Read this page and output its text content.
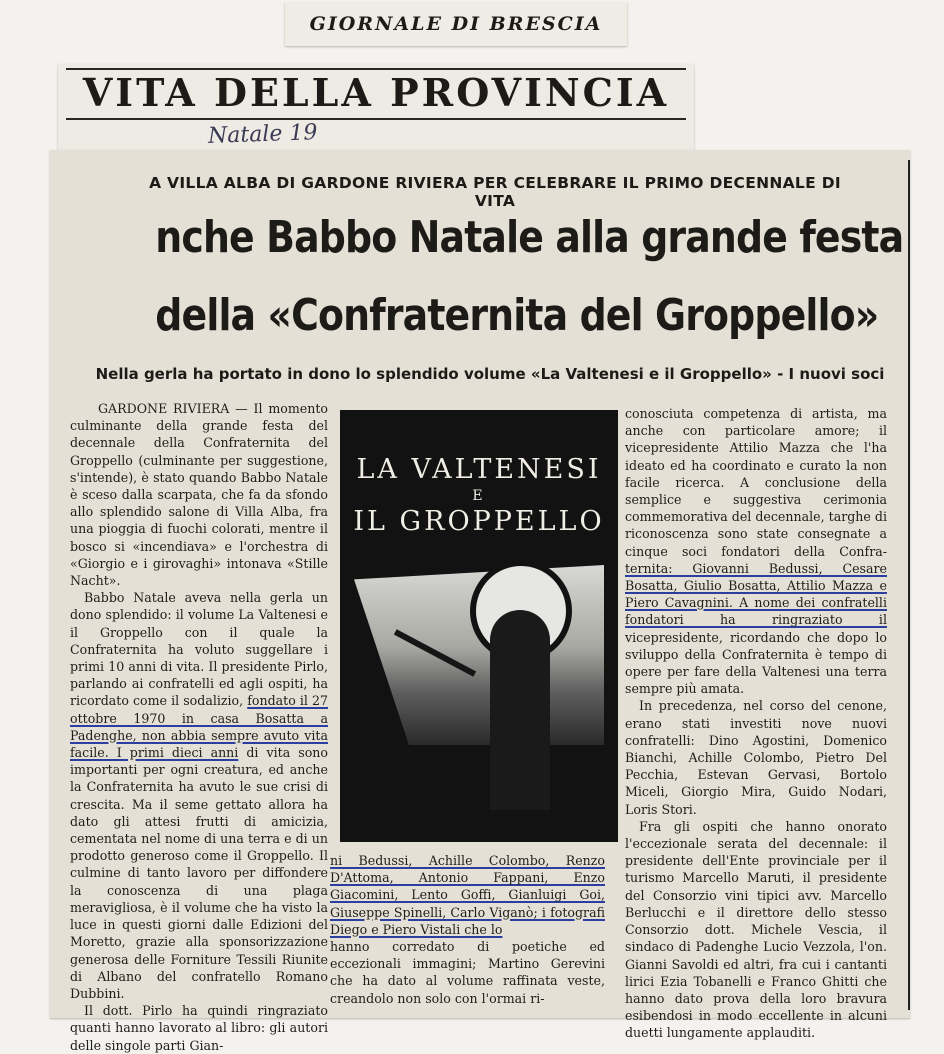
GIORNALE DI BRESCIA
VITA DELLA PROVINCIA
Natale 19
A VILLA ALBA DI GARDONE RIVIERA PER CELEBRARE IL PRIMO DECENNALE DI VITA
nche Babbo Natale alla grande festa
della «Confraternita del Groppello»
Nella gerla ha portato in dono lo splendido volume «La Valtenesi e il Groppello» - I nuovi soci

GARDONE RIVIERA — Il momento culminante della grande festa del decennale della Confraternita del Groppello (culminante per suggestione, s'intende), è stato quando Babbo Natale è sceso dalla scarpata, che fa da sfondo allo splendido salone di Villa Alba, fra una pioggia di fuochi colorati, mentre il bosco si «incendiava» e l'orchestra di «Giorgio e i girovaghi» intonava «Stille Nacht».

Babbo Natale aveva nella gerla un dono splendido: il volume La Valtenesi e il Groppello con il quale la Confraternita ha voluto suggellare i primi 10 anni di vita. Il presidente Pirlo, parlando ai confratelli ed agli ospiti, ha ricordato come il sodalizio, fondato il 27 ottobre 1970 in casa Bosatta a Padenghe, non abbia sempre avuto vita facile. I primi dieci anni di vita sono importanti per ogni creatura, ed anche la Confraternita ha avuto le sue crisi di crescita. Ma il seme gettato allora ha dato gli attesi frutti di amicizia, cementata nel nome di una terra e di un prodotto generoso come il Groppello. Il culmine di tanto lavoro per diffondere la conoscenza di una plaga meravigliosa, è il volume che ha visto la luce in questi giorni dalle Edizioni del Moretto, grazie alla sponsorizzazione generosa delle Forniture Tessili Riunite di Albano del confratello Romano Dubbini.

Il dott. Pirlo ha quindi ringraziato quanti hanno lavorato al libro: gli autori delle singole parti Gian-

LA VALTENESI
E
IL GROPPELLO

ni Bedussi, Achille Colombo, Renzo D'Attoma, Antonio Fappani, Enzo Giacomini, Lento Goffi, Gianluigi Goi, Giuseppe Spinelli, Carlo Viganò; i fotografi Diego e Piero Vistali che lo

hanno corredato di poetiche ed eccezionali immagini; Martino Gerevini che ha dato al volume raffinata veste, creandolo non solo con l'ormai ri-

conosciuta competenza di artista, ma anche con particolare amore; il vicepresidente Attilio Mazza che l'ha ideato ed ha coordinato e curato la non facile ricerca. A conclusione della semplice e suggestiva cerimonia commemorativa del decennale, targhe di riconoscenza sono state consegnate a cinque soci fondatori della Confra-ternita: Giovanni Bedussi, Cesare Bosatta, Giulio Bosatta, Attilio Mazza e Piero Cavagnini. A nome dei confratelli fondatori ha ringraziato il vicepresidente, ricordando che dopo lo sviluppo della Confraternita è tempo di opere per fare della Valtenesi una terra sempre più amata.

In precedenza, nel corso del cenone, erano stati investiti nove nuovi confratelli: Dino Agostini, Domenico Bianchi, Achille Colombo, Pietro Del Pecchia, Estevan Gervasi, Bortolo Miceli, Giorgio Mira, Guido Nodari, Loris Stori.

Fra gli ospiti che hanno onorato l'eccezionale serata del decennale: il presidente dell'Ente provinciale per il turismo Marcello Maruti, il presidente del Consorzio vini tipici avv. Marcello Berlucchi e il direttore dello stesso Consorzio dott. Michele Vescia, il sindaco di Padenghe Lucio Vezzola, l'on. Gianni Savoldi ed altri, fra cui i cantanti lirici Ezia Tobanelli e Franco Ghitti che hanno dato prova della loro bravura esibendosi in modo eccellente in alcuni duetti lungamente applauditi.
